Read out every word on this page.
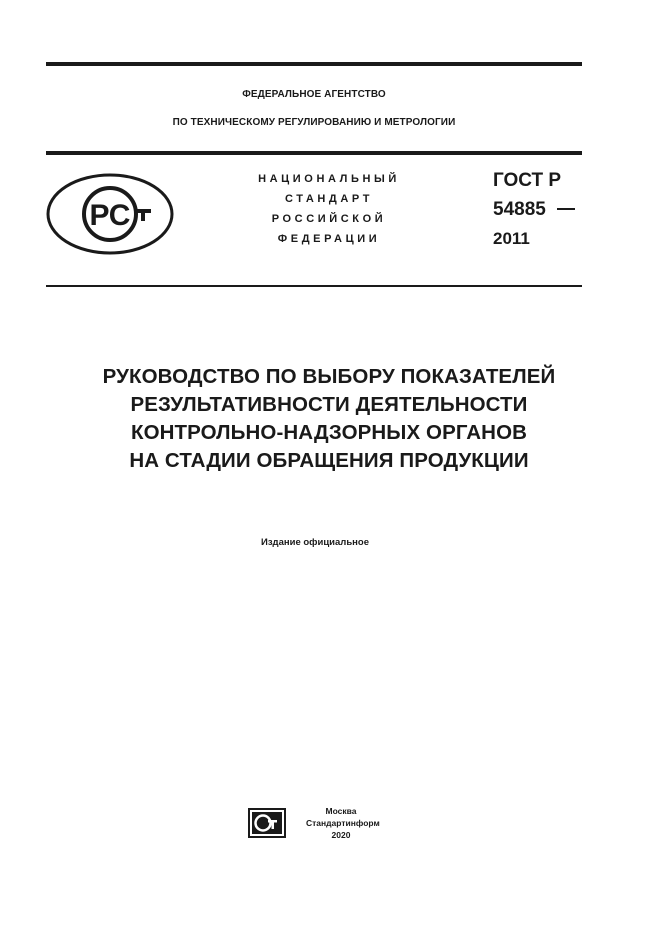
ФЕДЕРАЛЬНОЕ АГЕНТСТВО
ПО ТЕХНИЧЕСКОМУ РЕГУЛИРОВАНИЮ И МЕТРОЛОГИИ
РС
НАЦИОНАЛЬНЫЙ
СТАНДАРТ
РОССИЙСКОЙ
ФЕДЕРАЦИИ
ГОСТ Р
54885
2011
РУКОВОДСТВО ПО ВЫБОРУ ПОКАЗАТЕЛЕЙ
РЕЗУЛЬТАТИВНОСТИ ДЕЯТЕЛЬНОСТИ
КОНТРОЛЬНО-НАДЗОРНЫХ ОРГАНОВ
НА СТАДИИ ОБРАЩЕНИЯ ПРОДУКЦИИ
Издание официальное
Москва
Стандартинформ
2020
